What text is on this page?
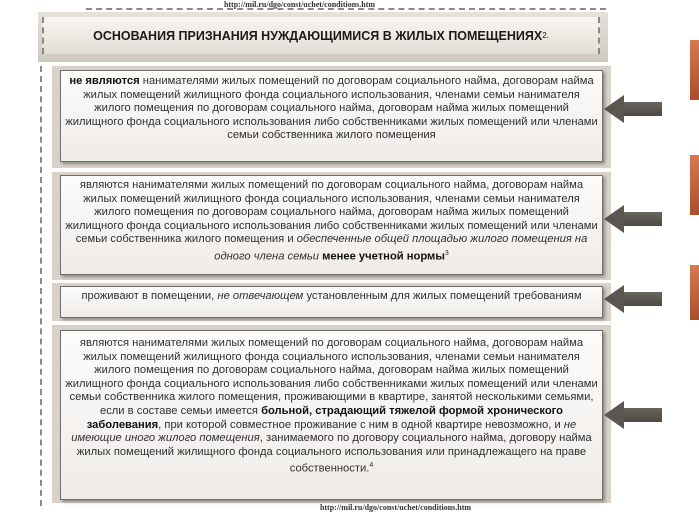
http://mil.ru/dgo/const/uchet/conditions.htm
ОСНОВАНИЯ ПРИЗНАНИЯ НУЖДАЮЩИМИСЯ В ЖИЛЫХ ПОМЕЩЕНИЯХ 2.
не являются нанимателями жилых помещений по договорам социального найма, договорам найма жилых помещений жилищного фонда социального использования, членами семьи нанимателя жилого помещения по договорам социального найма, договорам найма жилых помещений жилищного фонда социального использования либо собственниками жилых помещений или членами семьи собственника жилого помещения
являются нанимателями жилых помещений по договорам социального найма, договорам найма жилых помещений жилищного фонда социального использования, членами семьи нанимателя жилого помещения по договорам социального найма, договорам найма жилых помещений жилищного фонда социального использования либо собственниками жилых помещений или членами семьи собственника жилого помещения и обеспеченные общей площадью жилого помещения на одного члена семьи менее учетной нормы$^3$
проживают в помещении, не отвечающем установленным для жилых помещений требованиям
являются нанимателями жилых помещений по договорам социального найма, договорам найма жилых помещений жилищного фонда социального использования, членами семьи нанимателя жилого помещения по договорам социального найма, договорам найма жилых помещений жилищного фонда социального использования либо собственниками жилых помещений или членами семьи собственника жилого помещения, проживающими в квартире, занятой несколькими семьями, если в составе семьи имеется больной, страдающий тяжелой формой хронического заболевания, при которой совместное проживание с ним в одной квартире невозможно, и не имеющие иного жилого помещения, занимаемого по договору социального найма, договору найма жилых помещений жилищного фонда социального использования или принадлежащего на праве собственности.$^4$
http://mil.ru/dgo/const/uchet/conditions.htm
